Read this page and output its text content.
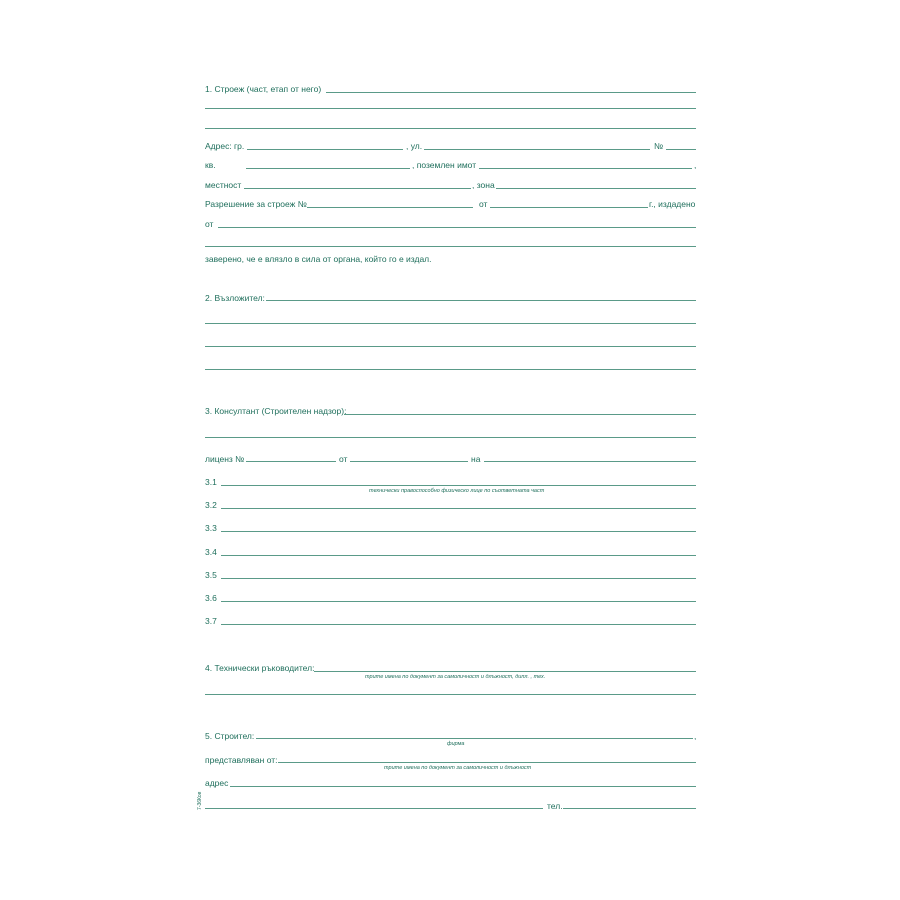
1. Строеж (част, етап от него)
Адрес: гр.	, ул.	№
кв.	, поземлен имот	,
местност	, зона
Разрешение за строеж №	от	г., издадено
от
заверено, че е влязло в сила от органа, който го е издал.
2. Възложител:
3. Консултант (Строителен надзор):
лиценз №	от	на
3.1
технически правоспособно физическо лице по съответната част
3.2
3.3
3.4
3.5
3.6
3.7
4. Технически ръководител:
трите имена по документ за самоличност и длъжност, дипл. , тех.
5. Строител:	,
фирма
представляван от:
трите имена по документ за самоличност и длъжност
адрес
тел.
7-36Ков
